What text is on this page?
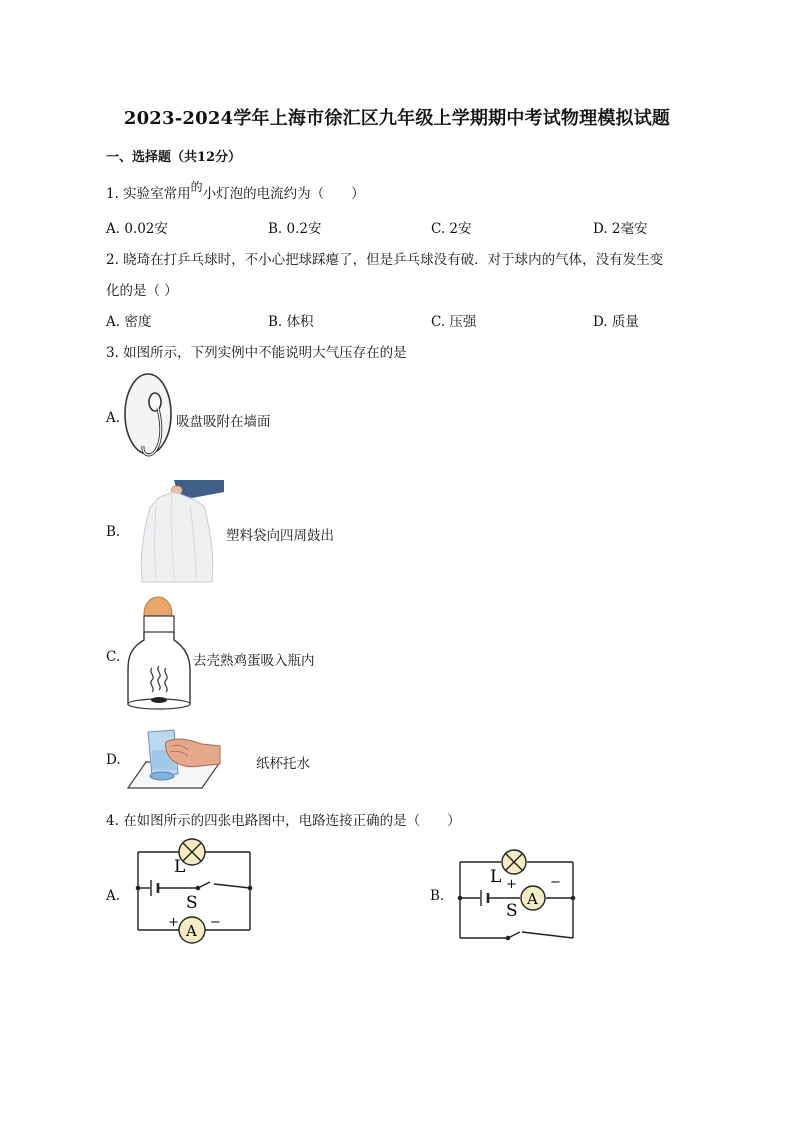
2023-2024学年上海市徐汇区九年级上学期期中考试物理模拟试题
一、选择题（共12分）
1. 实验室常用的小灯泡的电流约为（　　）
A. 0.02安	B. 0.2安	C. 2安	D. 2毫安
2. 晓琦在打乒乓球时，不小心把球踩瘪了，但是乒乓球没有破．对于球内的气体，没有发生变
化的是（ ）
A. 密度	B. 体积	C. 压强	D. 质量
3. 如图所示，下列实例中不能说明大气压存在的是
A.	吸盘吸附在墙面
B.	塑料袋向四周鼓出
C.	去壳熟鸡蛋吸入瓶内
D.	纸杯托水
4. 在如图所示的四张电路图中，电路连接正确的是（　　）
A.
L
S
+ −
A
B.
L +	−
S
A
